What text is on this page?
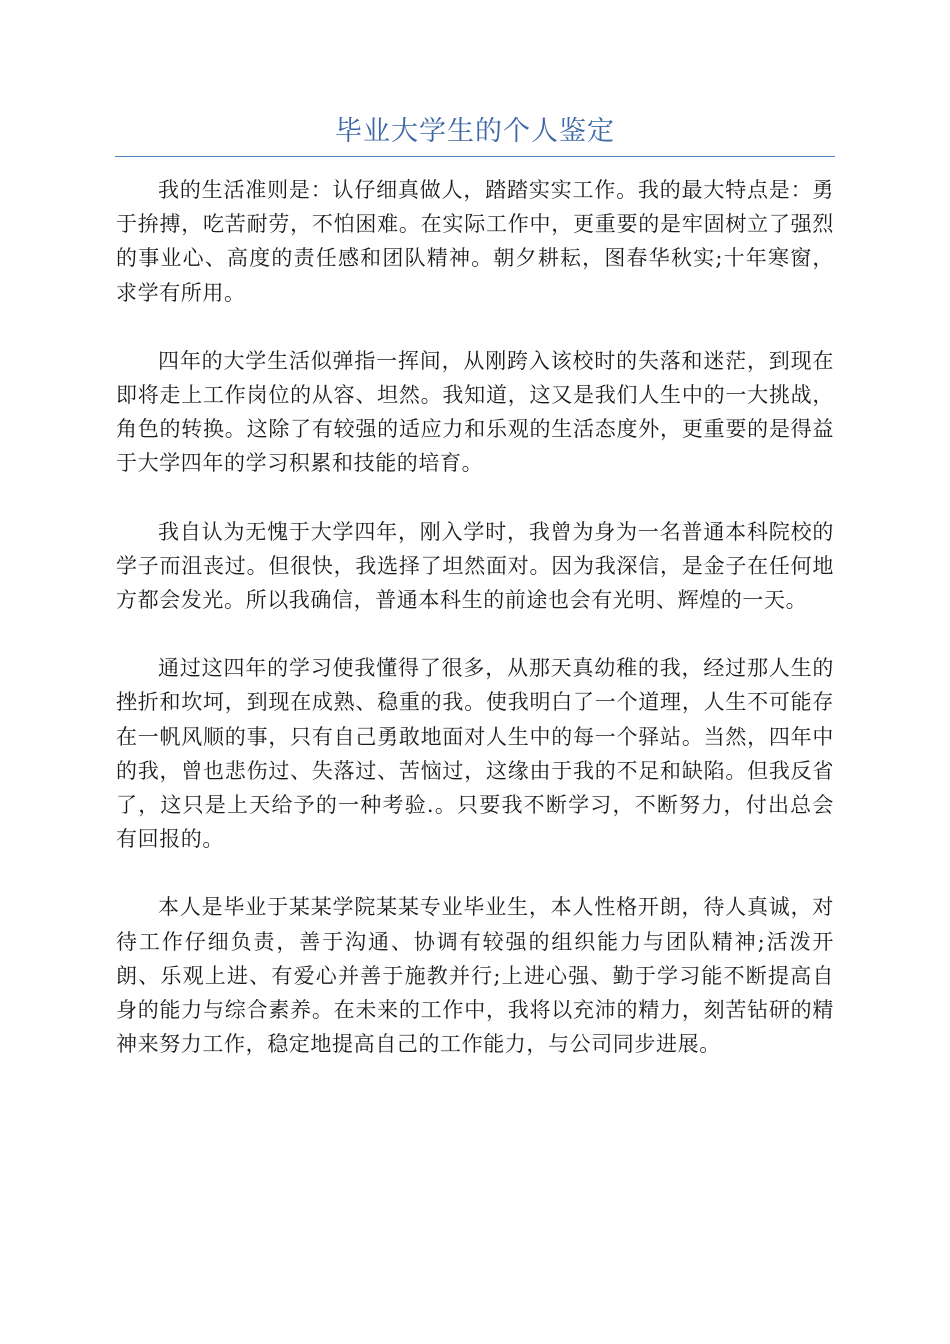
毕业大学生的个人鉴定

我的生活准则是：认仔细真做人，踏踏实实工作。我的最大特点是：勇于拚搏，吃苦耐劳，不怕困难。在实际工作中，更重要的是牢固树立了强烈的事业心、高度的责任感和团队精神。朝夕耕耘，图春华秋实;十年寒窗，求学有所用。

四年的大学生活似弹指一挥间，从刚跨入该校时的失落和迷茫，到现在即将走上工作岗位的从容、坦然。我知道，这又是我们人生中的一大挑战，角色的转换。这除了有较强的适应力和乐观的生活态度外，更重要的是得益于大学四年的学习积累和技能的培育。

我自认为无愧于大学四年，刚入学时，我曾为身为一名普通本科院校的学子而沮丧过。但很快，我选择了坦然面对。因为我深信，是金子在任何地方都会发光。所以我确信，普通本科生的前途也会有光明、辉煌的一天。

通过这四年的学习使我懂得了很多，从那天真幼稚的我，经过那人生的挫折和坎坷，到现在成熟、稳重的我。使我明白了一个道理，人生不可能存在一帆风顺的事，只有自己勇敢地面对人生中的每一个驿站。当然，四年中的我，曾也悲伤过、失落过、苦恼过，这缘由于我的不足和缺陷。但我反省了，这只是上天给予的一种考验.。只要我不断学习，不断努力，付出总会有回报的。

本人是毕业于某某学院某某专业毕业生，本人性格开朗，待人真诚，对待工作仔细负责，善于沟通、协调有较强的组织能力与团队精神;活泼开朗、乐观上进、有爱心并善于施教并行;上进心强、勤于学习能不断提高自身的能力与综合素养。在未来的工作中，我将以充沛的精力，刻苦钻研的精神来努力工作，稳定地提高自己的工作能力，与公司同步进展。
